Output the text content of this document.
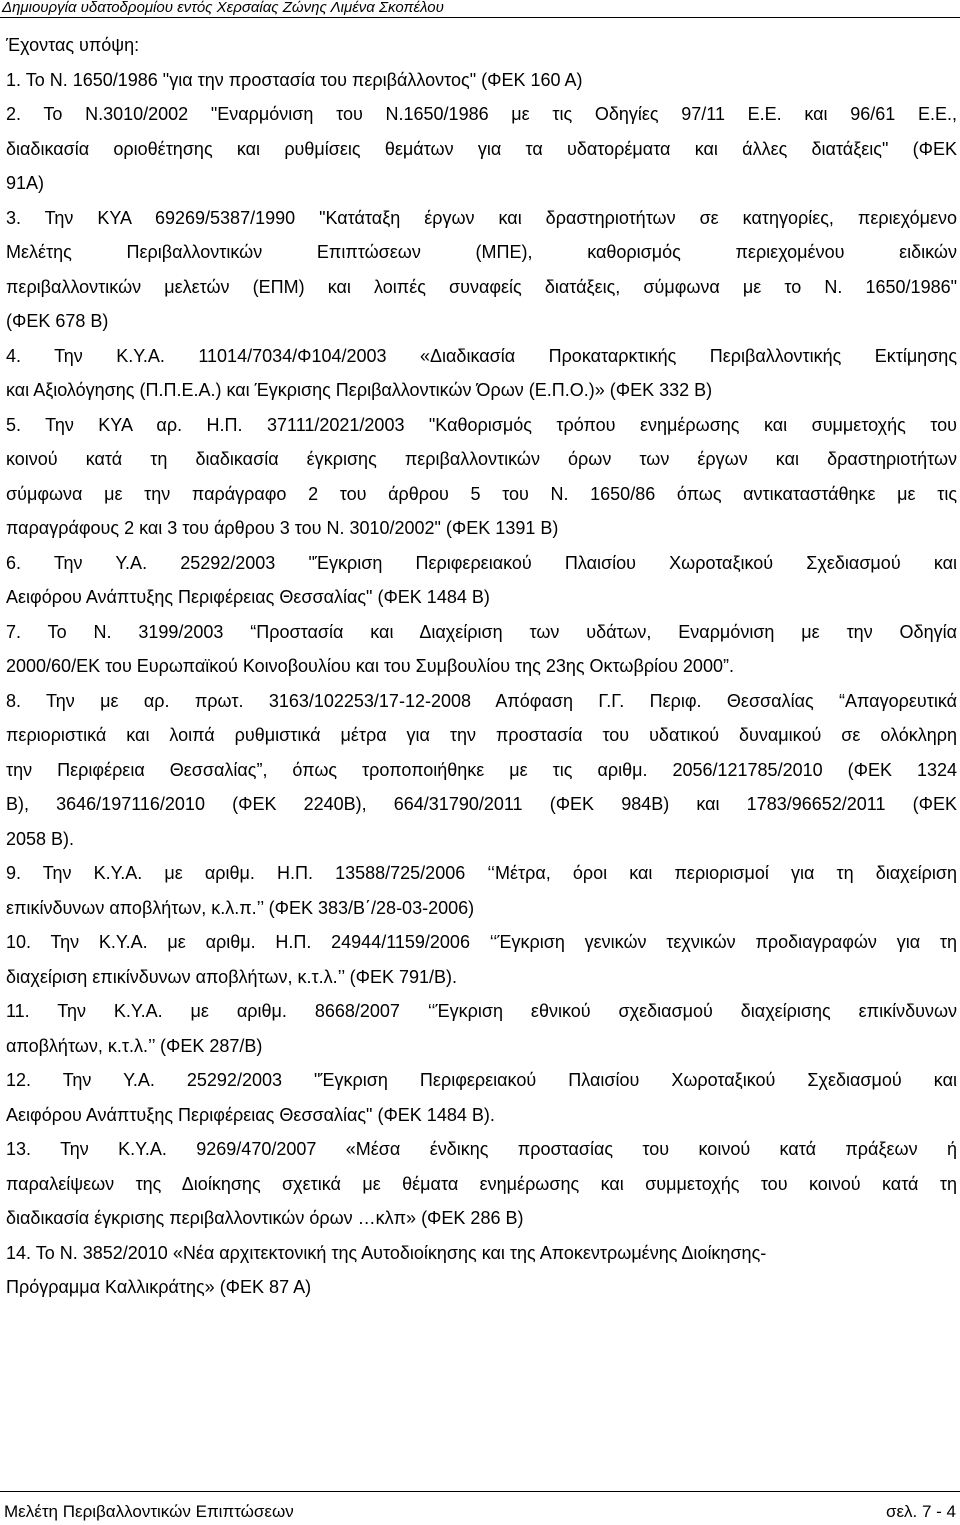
Δημιουργία υδατοδρομίου εντός Χερσαίας Ζώνης Λιμένα Σκοπέλου
Έχοντας υπόψη:
1. Το Ν. 1650/1986 "για την προστασία του περιβάλλοντος" (ΦΕΚ 160 Α)
2. Το Ν.3010/2002 "Εναρμόνιση του Ν.1650/1986 με τις Οδηγίες 97/11 Ε.Ε. και 96/61 Ε.Ε.,
διαδικασία οριοθέτησης και ρυθμίσεις θεμάτων για τα υδατορέματα και άλλες διατάξεις" (ΦΕΚ
91Α)
3. Την ΚΥΑ 69269/5387/1990 "Κατάταξη έργων και δραστηριοτήτων σε κατηγορίες, περιεχόμενο
Μελέτης Περιβαλλοντικών Επιπτώσεων (ΜΠΕ), καθορισμός περιεχομένου ειδικών
περιβαλλοντικών μελετών (ΕΠΜ) και λοιπές συναφείς διατάξεις, σύμφωνα με το Ν. 1650/1986"
(ΦΕΚ 678 Β)
4. Την Κ.Υ.Α. 11014/7034/Φ104/2003 «Διαδικασία Προκαταρκτικής Περιβαλλοντικής Εκτίμησης
και Αξιολόγησης (Π.Π.Ε.Α.) και Έγκρισης Περιβαλλοντικών Όρων (Ε.Π.Ο.)» (ΦΕΚ 332 Β)
5. Την ΚΥΑ αρ. Η.Π. 37111/2021/2003 "Καθορισμός τρόπου ενημέρωσης και συμμετοχής του
κοινού κατά τη διαδικασία έγκρισης περιβαλλοντικών όρων των έργων και δραστηριοτήτων
σύμφωνα με την παράγραφο 2 του άρθρου 5 του Ν. 1650/86 όπως αντικαταστάθηκε με τις
παραγράφους 2 και 3 του άρθρου 3 του Ν. 3010/2002" (ΦΕΚ 1391 Β)
6. Την Υ.Α. 25292/2003 "Έγκριση Περιφερειακού Πλαισίου Χωροταξικού Σχεδιασμού και
Αειφόρου Ανάπτυξης Περιφέρειας Θεσσαλίας" (ΦΕΚ 1484 Β)
7. Το Ν. 3199/2003 “Προστασία και Διαχείριση των υδάτων, Εναρμόνιση με την Οδηγία
2000/60/ΕΚ του Ευρωπαϊκού Κοινοβουλίου και του Συμβουλίου της 23ης Οκτωβρίου 2000”.
8. Την με αρ. πρωτ. 3163/102253/17-12-2008 Απόφαση Γ.Γ. Περιφ. Θεσσαλίας “Απαγορευτικά
περιοριστικά και λοιπά ρυθμιστικά μέτρα για την προστασία του υδατικού δυναμικού σε ολόκληρη
την Περιφέρεια Θεσσαλίας”, όπως τροποποιήθηκε με τις αριθμ. 2056/121785/2010 (ΦΕΚ 1324
Β), 3646/197116/2010 (ΦΕΚ 2240Β), 664/31790/2011 (ΦΕΚ 984Β) και 1783/96652/2011 (ΦΕΚ
2058 Β).
9. Την Κ.Υ.Α. με αριθμ. Η.Π. 13588/725/2006 ‘‘Μέτρα, όροι και περιορισμοί για τη διαχείριση
επικίνδυνων αποβλήτων, κ.λ.π.’’ (ΦΕΚ 383/Β΄/28-03-2006)
10. Την Κ.Υ.Α. με αριθμ. Η.Π. 24944/1159/2006 ‘‘Έγκριση γενικών τεχνικών προδιαγραφών για τη
διαχείριση επικίνδυνων αποβλήτων, κ.τ.λ.’’ (ΦΕΚ 791/Β).
11. Την Κ.Υ.Α. με αριθμ. 8668/2007 ‘‘Έγκριση εθνικού σχεδιασμού διαχείρισης επικίνδυνων
αποβλήτων, κ.τ.λ.’’ (ΦΕΚ 287/Β)
12. Την Υ.Α. 25292/2003 "Έγκριση Περιφερειακού Πλαισίου Χωροταξικού Σχεδιασμού και
Αειφόρου Ανάπτυξης Περιφέρειας Θεσσαλίας" (ΦΕΚ 1484 Β).
13. Την Κ.Υ.Α. 9269/470/2007 «Μέσα ένδικης προστασίας του κοινού κατά πράξεων ή
παραλείψεων της Διοίκησης σχετικά με θέματα ενημέρωσης και συμμετοχής του κοινού κατά τη
διαδικασία έγκρισης περιβαλλοντικών όρων …κλπ» (ΦΕΚ 286 Β)
14. Το Ν. 3852/2010 «Νέα αρχιτεκτονική της Αυτοδιοίκησης και της Αποκεντρωμένης Διοίκησης-
Πρόγραμμα Καλλικράτης» (ΦΕΚ 87 Α)
Μελέτη Περιβαλλοντικών Επιπτώσεων	σελ. 7 - 4
